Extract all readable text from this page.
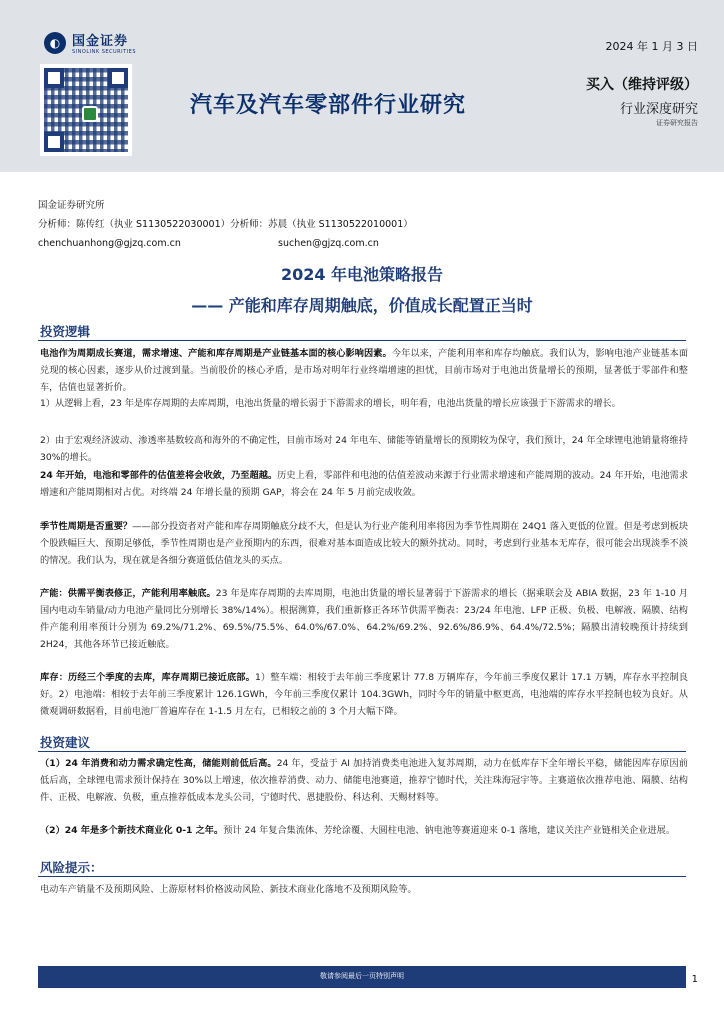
◐ 国金证券
SINOLINK SECURITIES	2024 年 1 月 3 日
汽车及汽车零部件行业研究
买入（维持评级）
行业深度研究
证券研究报告
国金证券研究所
分析师：陈传红（执业 S1130522030001）分析师：苏晨（执业 S1130522010001）
chenchuanhong@gjzq.com.cn	suchen@gjzq.com.cn
2024 年电池策略报告
—— 产能和库存周期触底，价值成长配置正当时
投资逻辑
电池作为周期成长赛道，需求增速、产能和库存周期是产业链基本面的核心影响因素。今年以来，产能利用率和库存均触底。我们认为，影响电池产业链基本面兑现的核心因素，逐步从价过渡到量。当前股价的核心矛盾，是市场对明年行业终端增速的担忧，目前市场对于电池出货量增长的预期，显著低于零部件和整车，估值也显著折价。
1）从逻辑上看，23 年是库存周期的去库周期，电池出货量的增长弱于下游需求的增长，明年看，电池出货量的增长应该强于下游需求的增长。
2）由于宏观经济波动、渗透率基数较高和海外的不确定性，目前市场对 24 年电车、储能等销量增长的预期较为保守，我们预计，24 年全球锂电池销量将维持 30%的增长。
24 年开始，电池和零部件的估值差将会收敛，乃至超越。历史上看，零部件和电池的估值差波动来源于行业需求增速和产能周期的波动。24 年开始，电池需求增速和产能周期相对占优。对终端 24 年增长量的预期 GAP，将会在 24 年 5 月前完成收敛。
季节性周期是否重要？——部分投资者对产能和库存周期触底分歧不大，但是认为行业产能利用率将因为季节性周期在 24Q1 落入更低的位置。但是考虑到板块个股跌幅巨大、预期足够低，季节性周期也是产业预期内的东西，很难对基本面造成比较大的额外扰动。同时，考虑到行业基本无库存，很可能会出现淡季不淡的情况。我们认为，现在就是各细分赛道低估值龙头的买点。
产能：供需平衡表修正，产能利用率触底。23 年是库存周期的去库周期，电池出货量的增长显著弱于下游需求的增长（据乘联会及 ABIA 数据，23 年 1-10 月国内电动车销量/动力电池产量同比分别增长 38%/14%）。根据测算，我们重新修正各环节供需平衡表：23/24 年电池、LFP 正极、负极、电解液、隔膜、结构件产能利用率预计分别为 69.2%/71.2%、69.5%/75.5%、64.0%/67.0%、64.2%/69.2%、92.6%/86.9%、64.4%/72.5%；隔膜出清较晚预计持续到 2H24，其他各环节已接近触底。
库存：历经三个季度的去库，库存周期已接近底部。1）整车端：相较于去年前三季度累计 77.8 万辆库存，今年前三季度仅累计 17.1 万辆，库存水平控制良好。2）电池端：相较于去年前三季度累计 126.1GWh，今年前三季度仅累计 104.3GWh，同时今年的销量中枢更高，电池端的库存水平控制也较为良好。从微观调研数据看，目前电池厂普遍库存在 1-1.5 月左右，已相较之前的 3 个月大幅下降。
投资建议
（1）24 年消费和动力需求确定性高，储能则前低后高。24 年，受益于 AI 加持消费类电池进入复苏周期，动力在低库存下全年增长平稳，储能因库存原因前低后高，全球锂电需求预计保持在 30%以上增速，依次推荐消费、动力、储能电池赛道，推荐宁德时代，关注珠海冠宇等。主赛道依次推荐电池、隔膜、结构件、正极、电解液、负极，重点推荐低成本龙头公司，宁德时代、恩捷股份、科达利、天赐材料等。
（2）24 年是多个新技术商业化 0-1 之年。预计 24 年复合集流体、芳纶涂覆、大圆柱电池、钠电池等赛道迎来 0-1 落地，建议关注产业链相关企业进展。
风险提示：
电动车产销量不及预期风险、上游原材料价格波动风险、新技术商业化落地不及预期风险等。
敬请参阅最后一页特别声明	1
